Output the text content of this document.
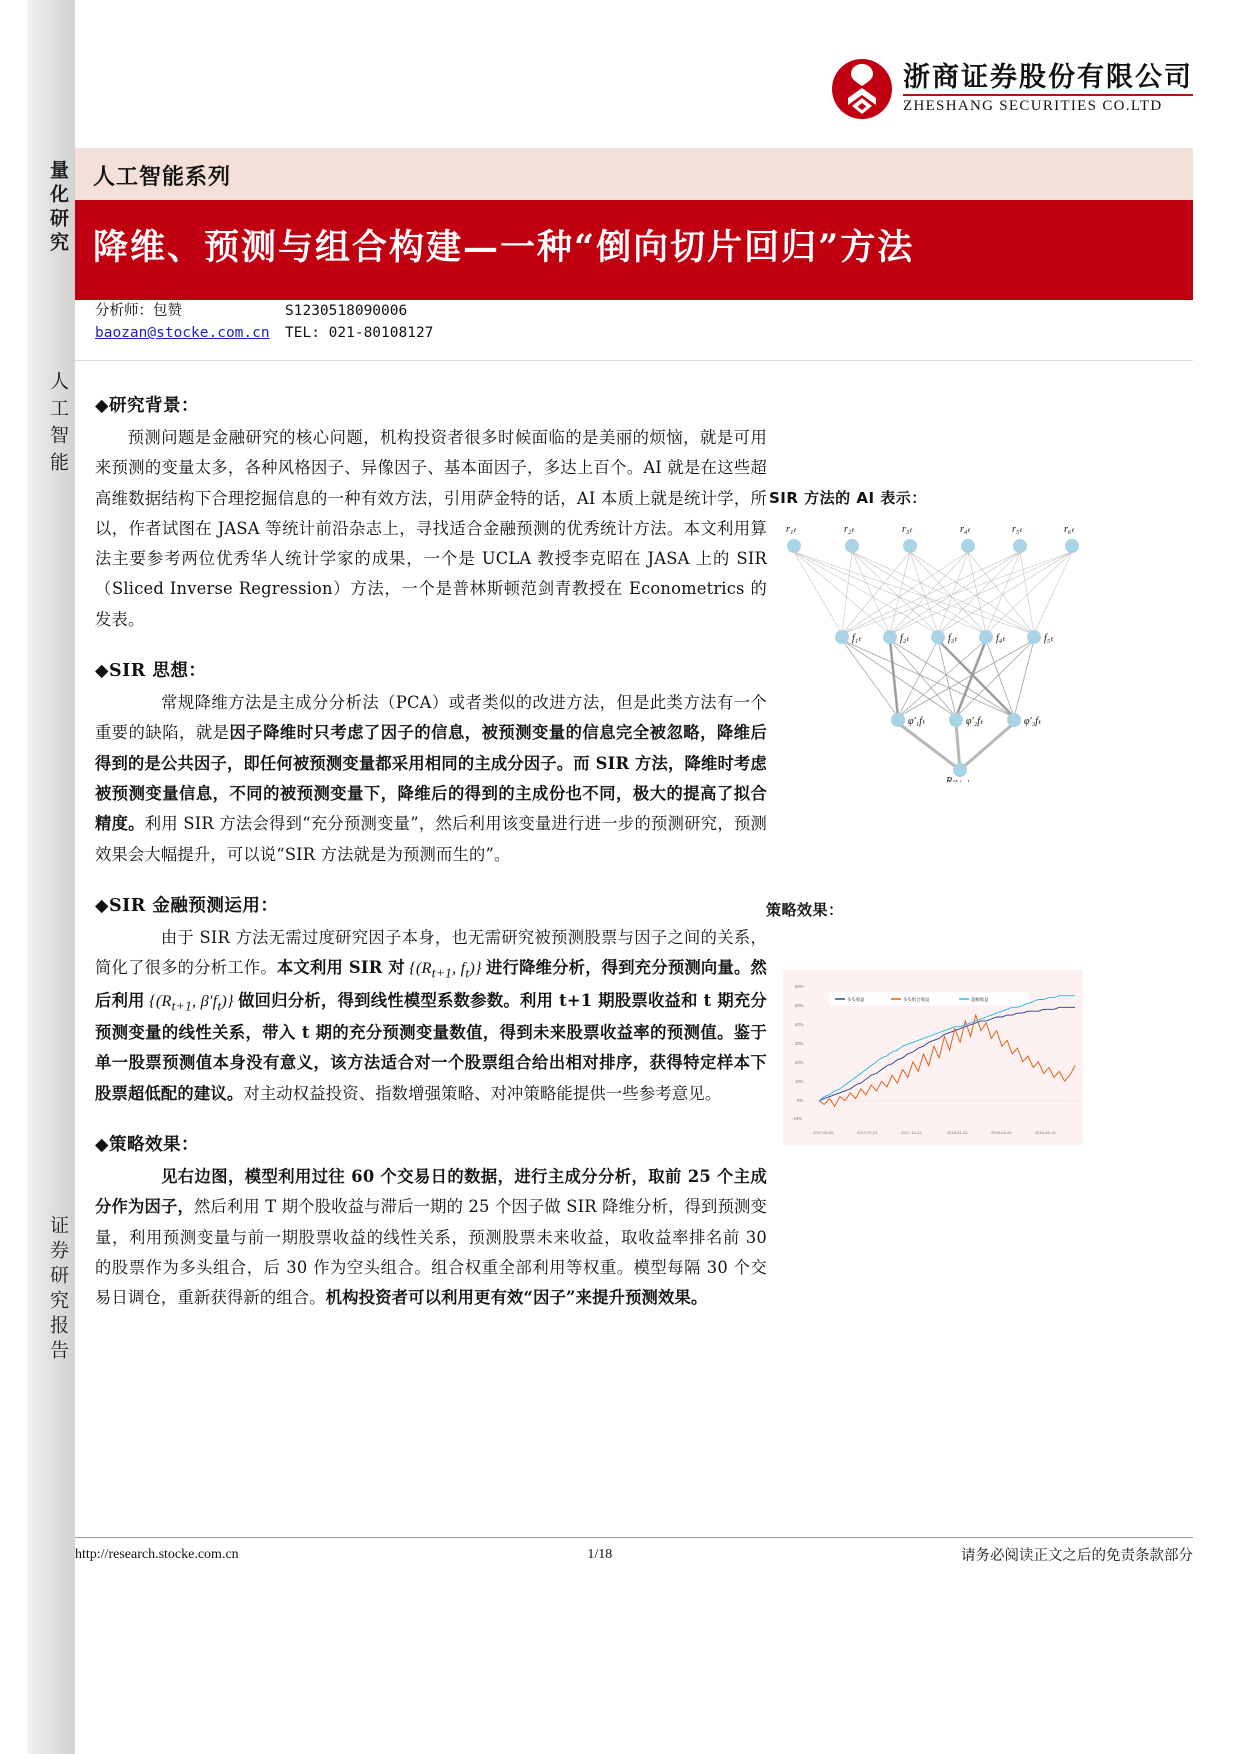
量化研究
人工智能
证券研究报告
浙商证券股份有限公司
ZHESHANG SECURITIES CO.LTD
人工智能系列
降维、预测与组合构建—一种“倒向切片回归”方法
分析师：包赞	S1230518090006
baozan@stocke.com.cn	TEL: 021-80108127
◆研究背景：

预测问题是金融研究的核心问题，机构投资者很多时候面临的是美丽的烦恼，就是可用来预测的变量太多，各种风格因子、异像因子、基本面因子，多达上百个。AI 就是在这些超高维数据结构下合理挖掘信息的一种有效方法，引用萨金特的话，AI 本质上就是统计学，所以，作者试图在 JASA 等统计前沿杂志上，寻找适合金融预测的优秀统计方法。本文利用算法主要参考两位优秀华人统计学家的成果，一个是 UCLA 教授李克昭在 JASA 上的 SIR（Sliced Inverse Regression）方法，一个是普林斯顿范剑青教授在 Econometrics 的发表。

◆SIR 思想：

　　常规降维方法是主成分分析法（PCA）或者类似的改进方法，但是此类方法有一个重要的缺陷，就是因子降维时只考虑了因子的信息，被预测变量的信息完全被忽略，降维后得到的是公共因子，即任何被预测变量都采用相同的主成分因子。而 SIR 方法，降维时考虑被预测变量信息，不同的被预测变量下，降维后的得到的主成份也不同，极大的提高了拟合精度。利用 SIR 方法会得到“充分预测变量”，然后利用该变量进行进一步的预测研究，预测效果会大幅提升，可以说“SIR 方法就是为预测而生的”。

◆SIR 金融预测运用：

　　由于 SIR 方法无需过度研究因子本身，也无需研究被预测股票与因子之间的关系，简化了很多的分析工作。本文利用 SIR 对 {($R_{t+1}$, $f_t$)} 进行降维分析，得到充分预测向量。然后利用 {($R_{t+1}$, $\beta'f_t$)} 做回归分析，得到线性模型系数参数。利用 t+1 期股票收益和 t 期充分预测变量的线性关系，带入 t 期的充分预测变量数值，得到未来股票收益率的预测值。鉴于单一股票预测值本身没有意义，该方法适合对一个股票组合给出相对排序，获得特定样本下股票超低配的建议。对主动权益投资、指数增强策略、对冲策略能提供一些参考意见。

◆策略效果：

　　见右边图，模型利用过往 60 个交易日的数据，进行主成分分析，取前 25 个主成分作为因子，然后利用 T 期个股收益与滞后一期的 25 个因子做 SIR 降维分析，得到预测变量，利用预测变量与前一期股票收益的线性关系，预测股票未来收益，取收益率排名前 30 的股票作为多头组合，后 30 作为空头组合。组合权重全部利用等权重。模型每隔 30 个交易日调仓，重新获得新的组合。机构投资者可以利用更有效“因子”来提升预测效果。

SIR 方法的 AI 表示：
r₁ₜ	r₂ₜ	r₃ₜ	r₄ₜ	r₅ₜ	r₆ₜ
f₁ₜ	f₂ₜ	f₃ₜ	f₄ₜ	f₅ₜ
φ′₁fₜ	φ′₂fₜ	φ′₃fₜ
R₍ₜ₊₁₎
策略效果：
60%
50%
40%
30%
20%
10%
0%
-10%
2017-04-05	2017-07-21	2017-10-23	2018-01-31	2018-04-26	2018-08-15
多头收益	多头组合收益	超额收益
http://research.stocke.com.cn	1/18	请务必阅读正文之后的免责条款部分
